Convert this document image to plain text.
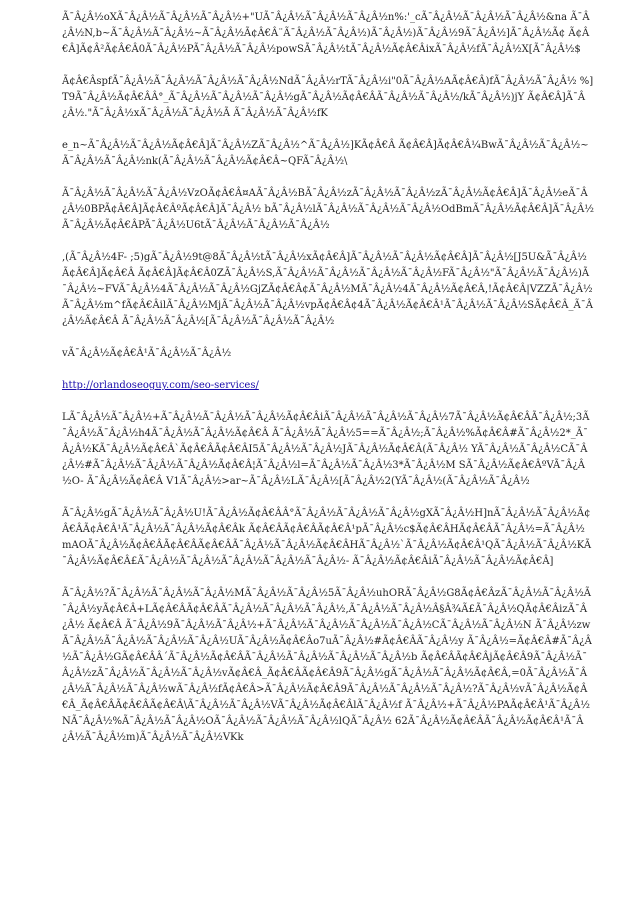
Ã¯Â¿Â½oXÃ¯Â¿Â½Ã¯Â¿Â½Ã¯Â¿Â½+"UÃ¯Â¿Â½Ã¯Â¿Â½Ã¯Â¿Â½n%:'_cÃ¯Â¿Â½Ã¯Â¿Â½Ã¯Â¿Â½&na Ã¯Â¿Â½N,b~Ã¯Â¿Â½Ã¯Â¿Â½~Ã¯Â¿Â½Ã¢Â€Â¨Ã¯Â¿Â½Ã¯Â¿Â½)Ã¯Â¿Â½)Ã¯Â¿Â½9Ã¯Â¿Â½]Ã¯Â¿Â½Ã¢ Ã¢Â€Â]Ã¢Â²Ã¢Â€Â0Ã¯Â¿Â½PÃ¯Â¿Â½Ã¯Â¿Â½powSÃ¯Â¿Â½tÃ¯Â¿Â½Ã¢Â€ÂixÃ¯Â¿Â½fÃ¯Â¿Â½X[Ã¯Â¿Â½$

Ã¢Â€ÂspfÃ¯Â¿Â½Ã¯Â¿Â½Ã¯Â¿Â½Ã¯Â¿Â½NdÃ¯Â¿Â½rTÃ¯Â¿Â½i"0Ã¯Â¿Â½AÃ¢Â€Â)fÃ¯Â¿Â½Ã¯Â¿Â½ %]T9Ã¯Â¿Â½Ã¢Â€ÂÂ°_Ã¯Â¿Â½Ã¯Â¿Â½Ã¯Â¿Â½gÃ¯Â¿Â½Ã¢Â€ÂÃ¯Â¿Â½Ã¯Â¿Â½/kÃ¯Â¿Â½)jY Ã¢Â€Â]Ã¯Â¿Â½."Ã¯Â¿Â½xÃ¯Â¿Â½Ã¯Â¿Â½Ã Ã¯Â¿Â½Ã¯Â¿Â½fK

e_n~Ã¯Â¿Â½Ã¯Â¿Â½Ã¢Â€Â]Ã¯Â¿Â½ZÃ¯Â¿Â½^Ã¯Â¿Â½]KÃ¢Â€Â Ã¢Â€Â]Ã¢Â€Â¼BwÃ¯Â¿Â½Ã¯Â¿Â½~Ã¯Â¿Â½Ã¯Â¿Â½nk(Ã¯Â¿Â½Ã¯Â¿Â½Ã¢Â€Â~QFÃ¯Â¿Â½\

Ã¯Â¿Â½Ã¯Â¿Â½Ã¯Â¿Â½VzOÃ¢Â€Â¤AÃ¯Â¿Â½BÃ¯Â¿Â½zÃ¯Â¿Â½Ã¯Â¿Â½zÃ¯Â¿Â½Ã¢Â€Â]Ã¯Â¿Â½eÃ¯Â¿Â½0BPÃ¢Â€Â]Ã¢Â€ÂºÃ¢Â€Â]Ã¯Â¿Â½ bÃ¯Â¿Â½lÃ¯Â¿Â½Ã¯Â¿Â½Ã¯Â¿Â½OdBmÃ¯Â¿Â½Ã¢Â€Â]Ã¯Â¿Â½Ã¯Â¿Â½Ã¢Â€ÂPÃ¯Â¿Â½U6tÃ¯Â¿Â½Ã¯Â¿Â½Ã¯Â¿Â½

,(Ã¯Â¿Â½4F- ;5)gÃ¯Â¿Â½9t@8Ã¯Â¿Â½tÃ¯Â¿Â½xÃ¢Â€Â]Ã¯Â¿Â½Ã¯Â¿Â½Ã¢Â€Â]Ã¯Â¿Â½[J5U&Ã¯Â¿Â½Ã¢Â€Â]Ã¢Â€Â Ã¢Â€Â]Ã¢Â€Â0ZÃ¯Â¿Â½S,Ã¯Â¿Â½Ã¯Â¿Â½Ã¯Â¿Â½Ã¯Â¿Â½FÃ¯Â¿Â½"Ã¯Â¿Â½Ã¯Â¿Â½)Ã¯Â¿Â½~FVÃ¯Â¿Â½4Ã¯Â¿Â½Ã¯Â¿Â½GjZÃ¢Â€Â¢Ã¯Â¿Â½MÃ¯Â¿Â½4Ã¯Â¿Â½Ã¢Â€Â,!Ã¢Â€Â|VZZÃ¯Â¿Â½Ã¯Â¿Â½m^fÃ¢Â€ÂilÃ¯Â¿Â½MjÃ¯Â¿Â½Ã¯Â¿Â½vpÃ¢Â€Â¢4Ã¯Â¿Â½Ã¢Â€Â¹Ã¯Â¿Â½Ã¯Â¿Â½SÃ¢Â€Â_Ã¯Â¿Â½Ã¢Â€Â Ã¯Â¿Â½Ã¯Â¿Â½[Ã¯Â¿Â½Ã¯Â¿Â½Ã¯Â¿Â½

vÃ¯Â¿Â½Ã¢Â€Â¹Ã¯Â¿Â½Ã¯Â¿Â½

http://orlandoseoguy.com/seo-services/

LÃ¯Â¿Â½Ã¯Â¿Â½+Ã¯Â¿Â½Ã¯Â¿Â½Ã¯Â¿Â½Ã¢Â€ÂiÃ¯Â¿Â½Ã¯Â¿Â½Ã¯Â¿Â½7Ã¯Â¿Â½Ã¢Â€ÂÃ¯Â¿Â½;3Ã¯Â¿Â½Ã¯Â¿Â½h4Ã¯Â¿Â½Ã¯Â¿Â½Ã¢Â€Â Ã¯Â¿Â½Ã¯Â¿Â½5==Ã¯Â¿Â½;Ã¯Â¿Â½%Ã¢Â€Â#Ã¯Â¿Â½2*_Ã¯Â¿Â½KÃ¯Â¿Â½Ã¢Â€Â`Ã¢Â€ÂÃ¢Â€ÂI5Ã¯Â¿Â½Ã¯Â¿Â½JÃ¯Â¿Â½Ã¢Â€Â(Ã¯Â¿Â½ YÃ¯Â¿Â½Ã¯Â¿Â½CÃ¯Â¿Â½#Ã¯Â¿Â½Ã¯Â¿Â½Ã¯Â¿Â½Ã¢Â€Â¦Ã¯Â¿Â½l=Ã¯Â¿Â½Ã¯Â¿Â½3*Ã¯Â¿Â½M SÃ¯Â¿Â½Ã¢Â€ÂºVÃ¯Â¿Â½O- Ã¯Â¿Â½Ã¢Â€Â V1Ã¯Â¿Â½>ar~Ã¯Â¿Â½LÃ¯Â¿Â½[Ã¯Â¿Â½2(YÃ¯Â¿Â½(Ã¯Â¿Â½Ã¯Â¿Â½

Ã¯Â¿Â½gÃ¯Â¿Â½Ã¯Â¿Â½U!Ã¯Â¿Â½Ã¢Â€ÂÂ°Ã¯Â¿Â½Ã¯Â¿Â½Ã¯Â¿Â½gXÃ¯Â¿Â½H]nÃ¯Â¿Â½Ã¯Â¿Â½Ã¢Â€ÂÃ¢Â€Â¹Ã¯Â¿Â½Ã¯Â¿Â½Ã¢Â€Âk Ã¢Â€ÂÃ¢Â€ÂÃ¢Â€Â¹pÃ¯Â¿Â½c$Ã¢Â€ÂHÃ¢Â€ÂÃ¯Â¿Â½=Ã¯Â¿Â½mAOÃ¯Â¿Â½Ã¢Â€ÂÃ¢Â€ÂÃ¢Â€ÂÃ¯Â¿Â½Ã¯Â¿Â½Ã¢Â€ÂHÃ¯Â¿Â½`Ã¯Â¿Â½Ã¢Â€Â¹QÃ¯Â¿Â½Ã¯Â¿Â½KÃ¯Â¿Â½Ã¢Â€Â£Ã¯Â¿Â½Ã¯Â¿Â½Ã¯Â¿Â½Ã¯Â¿Â½Ã¯Â¿Â½- Ã¯Â¿Â½Ã¢Â€ÂiÃ¯Â¿Â½Ã¯Â¿Â½Ã¢Â€Â]

Ã¯Â¿Â½?Ã¯Â¿Â½Ã¯Â¿Â½Ã¯Â¿Â½MÃ¯Â¿Â½Ã¯Â¿Â½5Ã¯Â¿Â½uhORÃ¯Â¿Â½G8Ã¢Â€ÂzÃ¯Â¿Â½Ã¯Â¿Â½Ã¯Â¿Â½yÃ¢Â€Â+LÃ¢Â€ÂÃ¢Â€ÂÃ¯Â¿Â½Ã¯Â¿Â½Ã¯Â¿Â½,Ã¯Â¿Â½Ã¯Â¿Â½Â§Â¾Ã£Ã¯Â¿Â½QÃ¢Â€ÂizÃ¯Â¿Â½ Ã¢Â€Â Ã¯Â¿Â½9Ã¯Â¿Â½Ã¯Â¿Â½+Ã¯Â¿Â½Ã¯Â¿Â½Ã¯Â¿Â½Ã¯Â¿Â½CÃ¯Â¿Â½Ã¯Â¿Â½N Ã¯Â¿Â½zwÃ¯Â¿Â½Ã¯Â¿Â½Ã¯Â¿Â½Ã¯Â¿Â½UÃ¯Â¿Â½Ã¢Â€Âo7uÃ¯Â¿Â½#Ã¢Â€ÂÃ¯Â¿Â½y Ã¯Â¿Â½=Ã¢Â€Â#Ã¯Â¿Â½Ã¯Â¿Â½GÃ¢Â€ÂÂ´Ã¯Â¿Â½Ã¢Â€ÂÃ¯Â¿Â½Ã¯Â¿Â½Ã¯Â¿Â½Ã¯Â¿Â½b Ã¢Â€ÂÃ¢Â€ÂjÃ¢Â€Â9Ã¯Â¿Â½Ã¯Â¿Â½zÃ¯Â¿Â½Ã¯Â¿Â½Ã¯Â¿Â½vÃ¢Â€Â_Ã¢Â€ÂÃ¢Â€Â9Ã¯Â¿Â½gÃ¯Â¿Â½Ã¯Â¿Â½Ã¢Â€Â‚=0Ã¯Â¿Â½Ã¯Â¿Â½Ã¯Â¿Â½Ã¯Â¿Â½wÃ¯Â¿Â½fÃ¢Â€Â>Ã¯Â¿Â½Ã¢Â€Â9Ã¯Â¿Â½Ã¯Â¿Â½Ã¯Â¿Â½?Ã¯Â¿Â½vÃ¯Â¿Â½Ã¢Â€Â_Ã¢Â€ÂÃ¢Â€ÂÃ¢Â€Â\Ã¯Â¿Â½Ã¯Â¿Â½VÃ¯Â¿Â½Ã¢Â€ÂlÃ¯Â¿Â½f Ã¯Â¿Â½+Ã¯Â¿Â½PAÃ¢Â€Â¹Ã¯Â¿Â½NÃ¯Â¿Â½%Ã¯Â¿Â½Ã¯Â¿Â½OÃ¯Â¿Â½Ã¯Â¿Â½Ã¯Â¿Â½lQÃ¯Â¿Â½ 62Ã¯Â¿Â½Ã¢Â€ÂÃ¯Â¿Â½Ã¢Â€Â¹Ã¯Â¿Â½Ã¯Â¿Â½m)Ã¯Â¿Â½Ã¯Â¿Â½VKk
